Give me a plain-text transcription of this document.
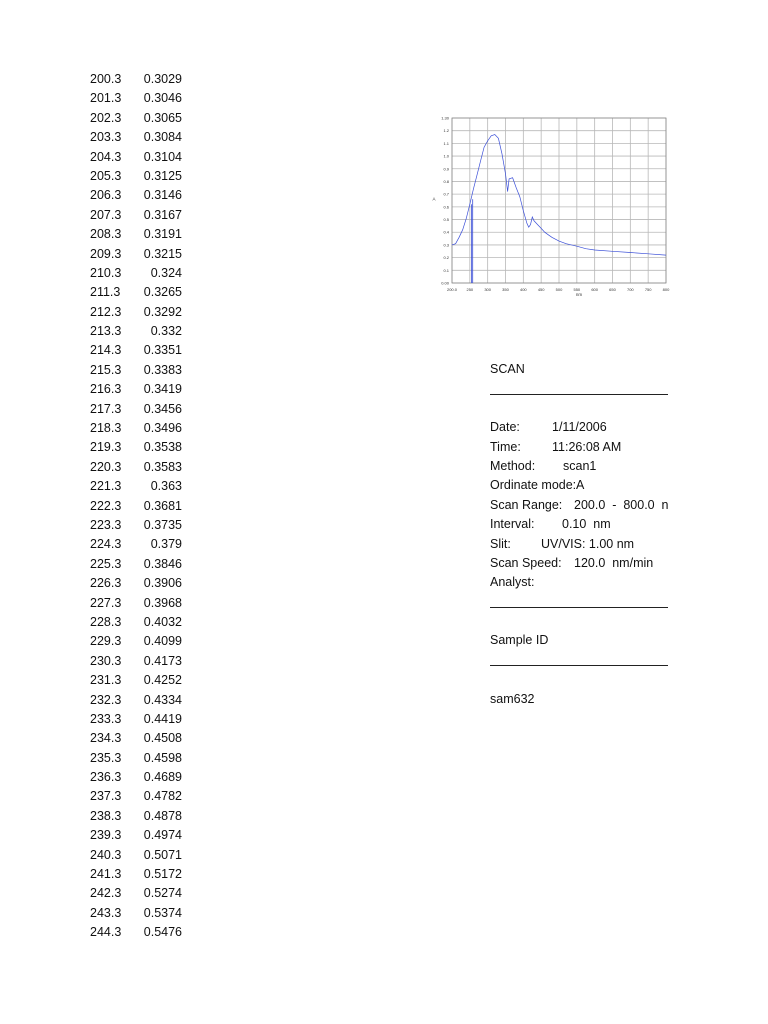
200.3 0.3029
201.3 0.3046
202.3 0.3065
203.3 0.3084
204.3 0.3104
205.3 0.3125
206.3 0.3146
207.3 0.3167
208.3 0.3191
209.3 0.3215
210.3 0.324
211.3 0.3265
212.3 0.3292
213.3 0.332
214.3 0.3351
215.3 0.3383
216.3 0.3419
217.3 0.3456
218.3 0.3496
219.3 0.3538
220.3 0.3583
221.3 0.363
222.3 0.3681
223.3 0.3735
224.3 0.379
225.3 0.3846
226.3 0.3906
227.3 0.3968
228.3 0.4032
229.3 0.4099
230.3 0.4173
231.3 0.4252
232.3 0.4334
233.3 0.4419
234.3 0.4508
235.3 0.4598
236.3 0.4689
237.3 0.4782
238.3 0.4878
239.3 0.4974
240.3 0.5071
241.3 0.5172
242.3 0.5274
243.3 0.5374
244.3 0.5476
0.00
0.1
0.2
0.3
0.4
0.5
0.6
0.7
0.8
0.9
1.0
1.1
1.2
1.30
200.0 250	300	350	400	450	500	550	600	650	700	750	800
A
nm
SCAN
Date:	1/11/2006
Time: 11:26:08 AM
Method: scan1
Ordinate mode:A
Scan Range: 200.0  -  800.0  n
Interval: 0.10  nm
Slit: UV/VIS: 1.00 nm
Scan Speed: 120.0  nm/min
Analyst:
Sample ID
sam632
